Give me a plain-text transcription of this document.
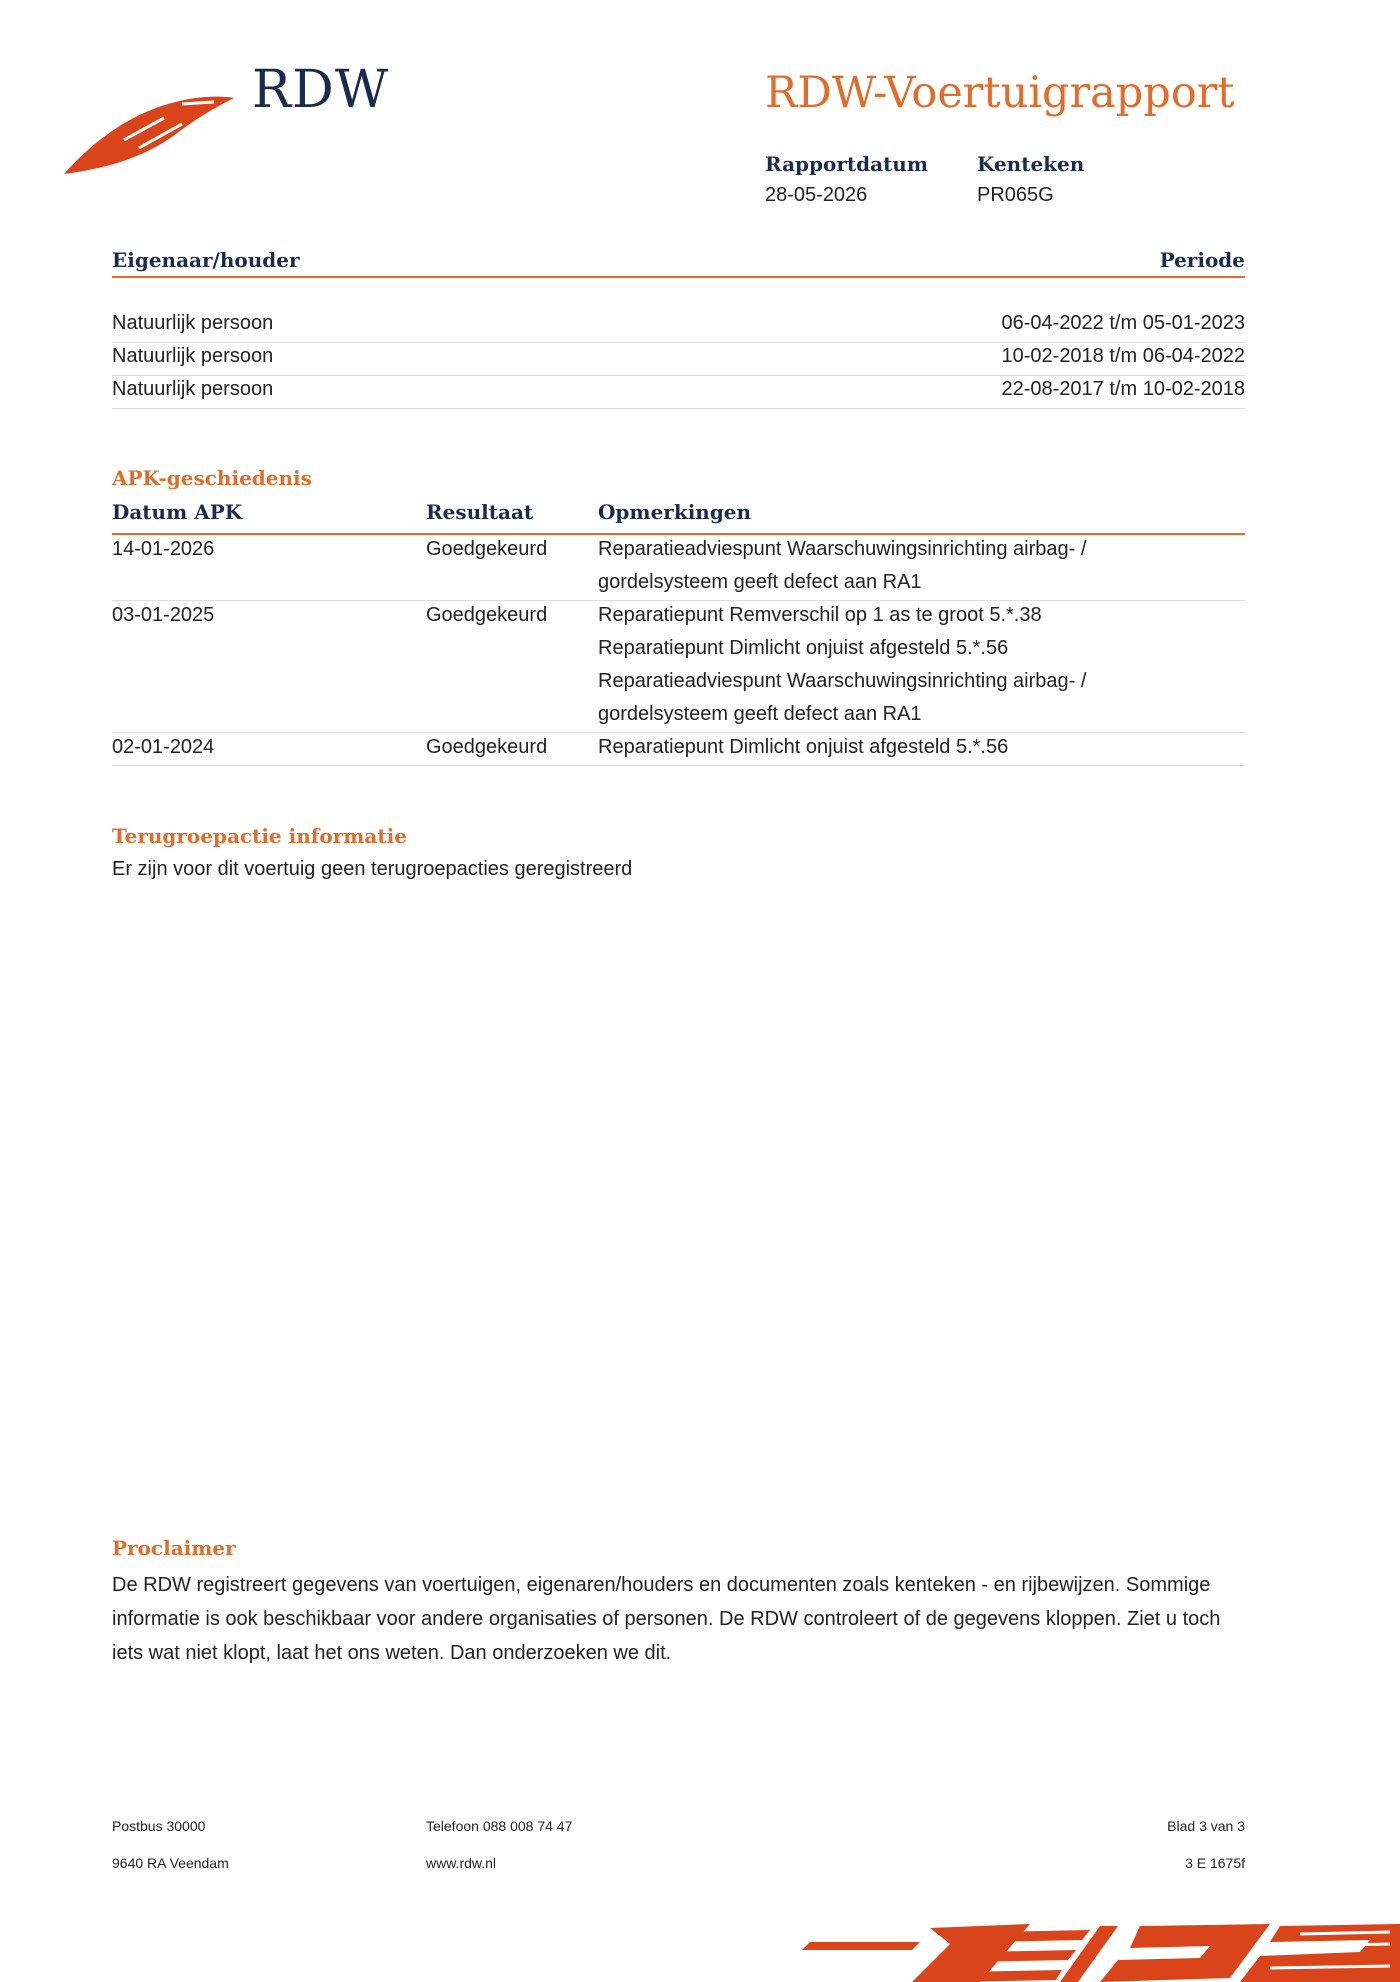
RDW	RDW-Voertuigrapport
Rapportdatum
28-05-2026
Kenteken
PR065G
Eigenaar/houder	Periode
Natuurlijk persoon	06-04-2022 t/m 05-01-2023
Natuurlijk persoon	10-02-2018 t/m 06-04-2022
Natuurlijk persoon	22-08-2017 t/m 10-02-2018
APK-geschiedenis
Datum APK	Resultaat	Opmerkingen
14-01-2026	Goedgekeurd	Reparatieadviespunt Waarschuwingsinrichting airbag- /
gordelsysteem geeft defect aan RA1
03-01-2025	Goedgekeurd	Reparatiepunt Remverschil op 1 as te groot 5.*.38
Reparatiepunt Dimlicht onjuist afgesteld 5.*.56
Reparatieadviespunt Waarschuwingsinrichting airbag- /
gordelsysteem geeft defect aan RA1
02-01-2024	Goedgekeurd	Reparatiepunt Dimlicht onjuist afgesteld 5.*.56
Terugroepactie informatie
Er zijn voor dit voertuig geen terugroepacties geregistreerd
Proclaimer
De RDW registreert gegevens van voertuigen, eigenaren/houders en documenten zoals kenteken - en rijbewijzen. Sommige informatie is ook beschikbaar voor andere organisaties of personen. De RDW controleert of de gegevens kloppen. Ziet u toch iets wat niet klopt, laat het ons weten. Dan onderzoeken we dit.
Postbus 30000
9640 RA Veendam
Telefoon 088 008 74 47
www.rdw.nl
Blad 3 van 3
3 E 1675f
